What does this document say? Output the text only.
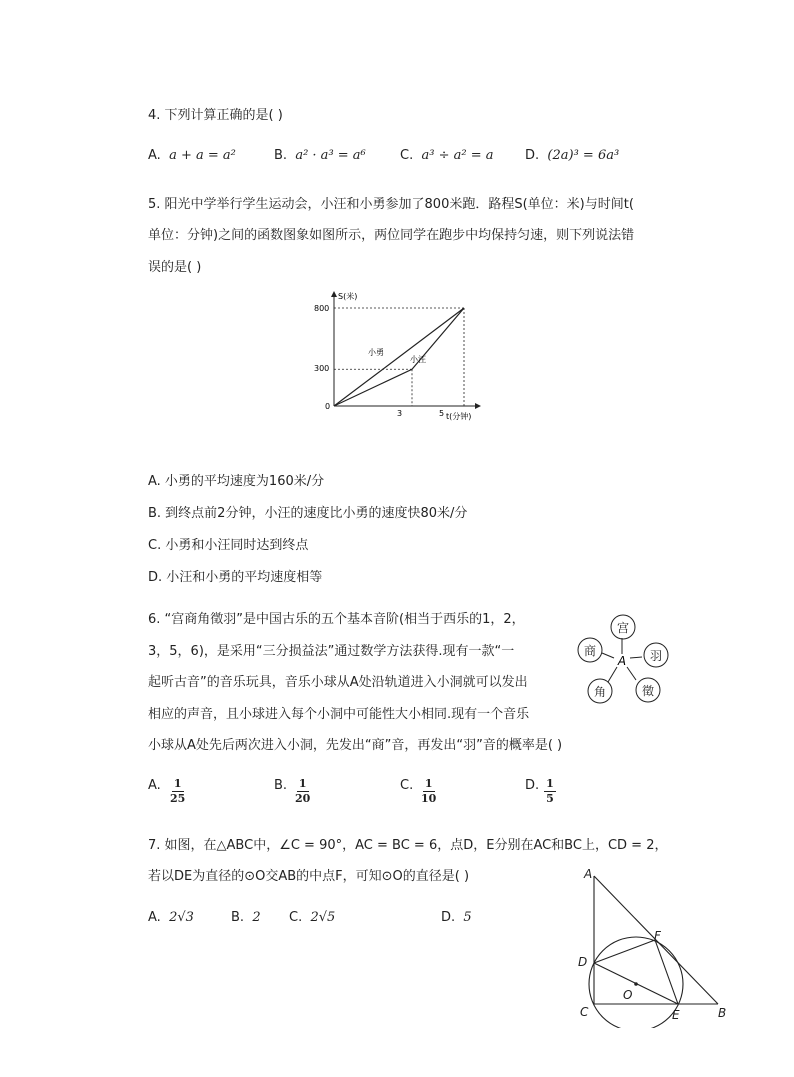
4. 下列计算正确的是( )
A. a + a = a²	B. a² · a³ = a⁶	C. a³ ÷ a² = a D. (2a)³ = 6a³
5. 阳光中学举行学生运动会，小汪和小勇参加了800米跑．路程S(单位：米)与时间t(
单位：分钟)之间的函数图象如图所示，两位同学在跑步中均保持匀速，则下列说法错
误的是( )
S(米)
t(分钟)
800
300
0
3	5
小勇
小汪
A. 小勇的平均速度为160米/分
B. 到终点前2分钟，小汪的速度比小勇的速度快80米/分
C. 小勇和小汪同时达到终点
D. 小汪和小勇的平均速度相等
6. “宫商角徵羽”是中国古乐的五个基本音阶(相当于西乐的1，2，
3，5，6)，是采用“三分损益法”通过数学方法获得.现有一款“一
起听古音”的音乐玩具，音乐小球从A处沿轨道进入小洞就可以发出
相应的声音，且小球进入每个小洞中可能性大小相同.现有一个音乐
小球从A处先后两次进入小洞，先发出“商”音，再发出“羽”音的概率是( )
宫
商	羽
角	徵
A
A. 1
25
B. 1
20
C. 1
10
D. 1
5
7. 如图，在△ABC中，∠C = 90°，AC = BC = 6，点D，E分别在AC和BC上，CD = 2，
若以DE为直径的⊙O交AB的中点F，可知⊙O的直径是( )
A. 2√3	B. 2 C. 2√5	D. 5
A
B
C
D
E
F
O
